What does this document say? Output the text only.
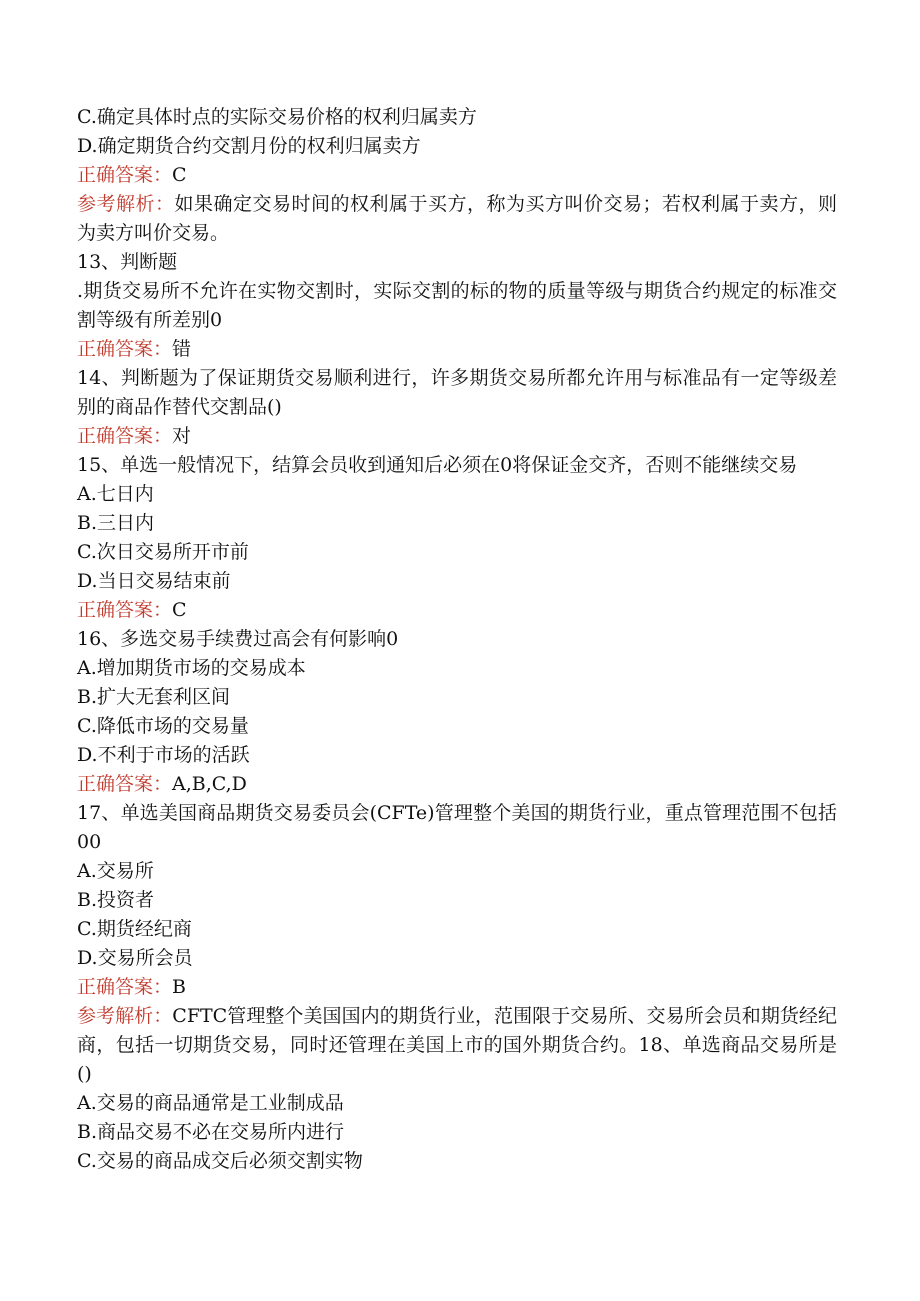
C.确定具体时点的实际交易价格的权利归属卖方

D.确定期货合约交割月份的权利归属卖方

正确答案：C

参考解析：如果确定交易时间的权利属于买方，称为买方叫价交易；若权利属于卖方，则为卖方叫价交易。

13、判断题

.期货交易所不允许在实物交割时，实际交割的标的物的质量等级与期货合约规定的标准交割等级有所差别0

正确答案：错

14、判断题为了保证期货交易顺利进行，许多期货交易所都允许用与标准品有一定等级差别的商品作替代交割品()

正确答案：对

15、单选一般情况下，结算会员收到通知后必须在0将保证金交齐，否则不能继续交易

A.七日内

B.三日内

C.次日交易所开市前

D.当日交易结束前

正确答案：C

16、多选交易手续费过高会有何影响0

A.增加期货市场的交易成本

B.扩大无套利区间

C.降低市场的交易量

D.不利于市场的活跃

正确答案：A,B,C,D

17、单选美国商品期货交易委员会(CFTe)管理整个美国的期货行业，重点管理范围不包括00

A.交易所

B.投资者

C.期货经纪商

D.交易所会员

正确答案：B

参考解析：CFTC管理整个美国国内的期货行业，范围限于交易所、交易所会员和期货经纪商，包括一切期货交易，同时还管理在美国上市的国外期货合约。18、单选商品交易所是()

A.交易的商品通常是工业制成品

B.商品交易不必在交易所内进行

C.交易的商品成交后必须交割实物
